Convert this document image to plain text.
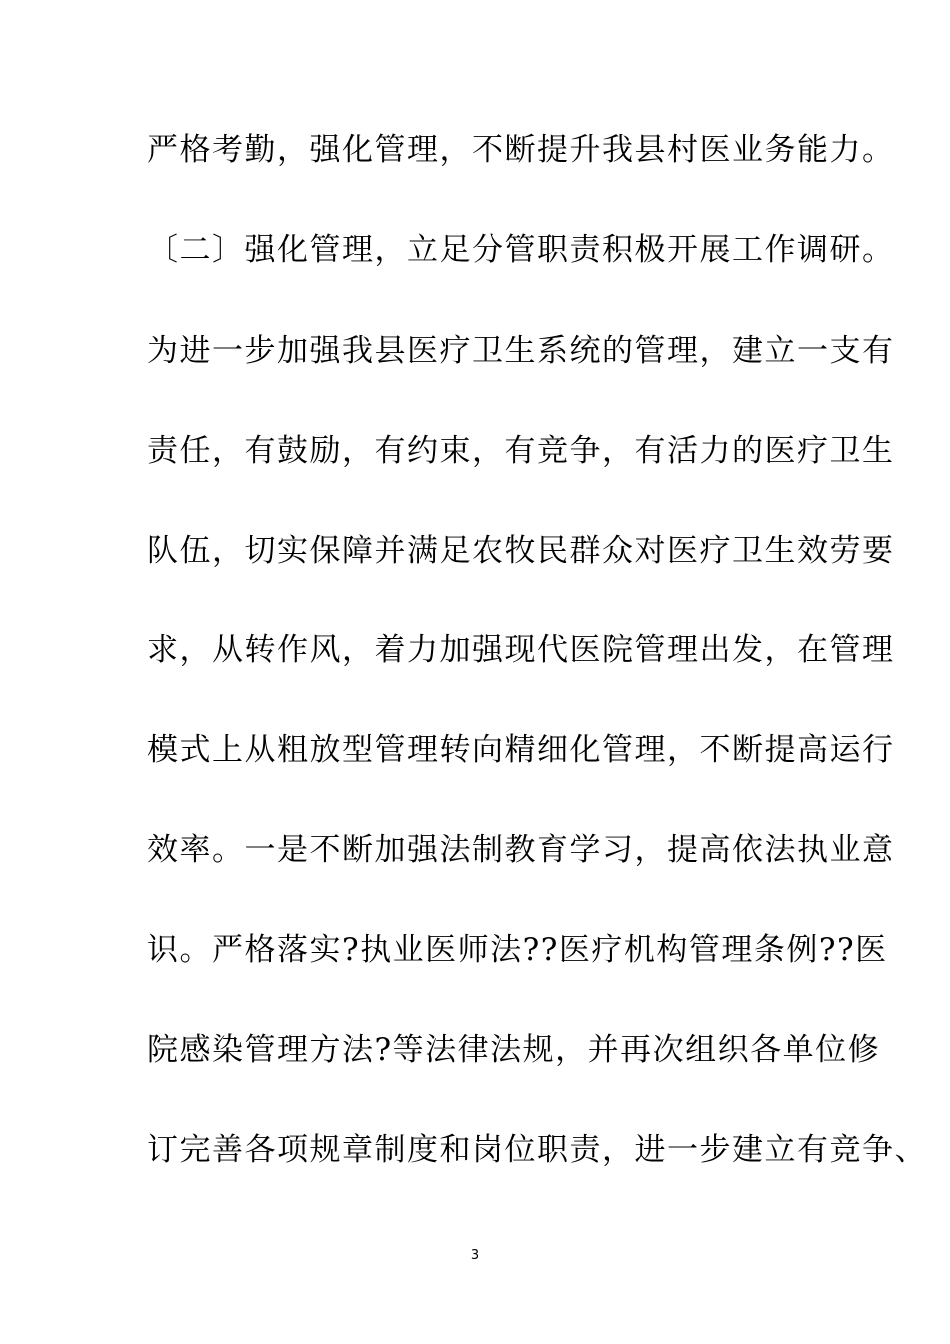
严格考勤，强化管理，不断提升我县村医业务能力。
〔二〕强化管理，立足分管职责积极开展工作调研。
为进一步加强我县医疗卫生系统的管理，建立一支有
责任，有鼓励，有约束，有竞争，有活力的医疗卫生
队伍，切实保障并满足农牧民群众对医疗卫生效劳要
求，从转作风，着力加强现代医院管理出发，在管理
模式上从粗放型管理转向精细化管理，不断提高运行
效率。一是不断加强法制教育学习，提高依法执业意
识。严格落实?执业医师法??医疗机构管理条例??医
院感染管理方法?等法律法规，并再次组织各单位修
订完善各项规章制度和岗位职责，进一步建立有竞争、
3
